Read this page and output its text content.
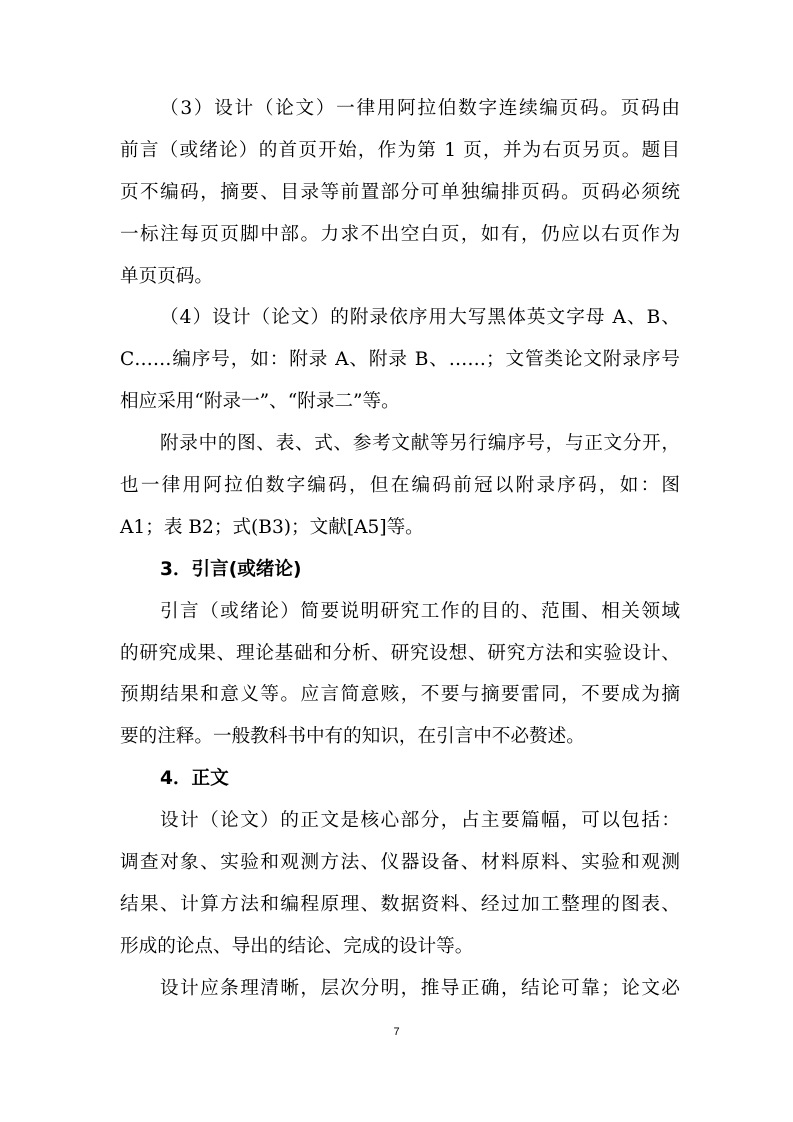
（3）设计（论文）一律用阿拉伯数字连续编页码。页码由
前言（或绪论）的首页开始，作为第 1 页，并为右页另页。题目
页不编码，摘要、目录等前置部分可单独编排页码。页码必须统
一标注每页页脚中部。力求不出空白页，如有，仍应以右页作为
单页页码。
（4）设计（论文）的附录依序用大写黑体英文字母 A、B、
C……编序号，如：附录 A、附录 B、……；文管类论文附录序号
相应采用“附录一”、“附录二”等。
附录中的图、表、式、参考文献等另行编序号，与正文分开，
也一律用阿拉伯数字编码，但在编码前冠以附录序码，如：图
A1；表 B2；式(B3)；文献[A5]等。
3．引言(或绪论)
引言（或绪论）简要说明研究工作的目的、范围、相关领域
的研究成果、理论基础和分析、研究设想、研究方法和实验设计、
预期结果和意义等。应言简意赅，不要与摘要雷同，不要成为摘
要的注释。一般教科书中有的知识，在引言中不必赘述。
4．正文
设计（论文）的正文是核心部分，占主要篇幅，可以包括：
调查对象、实验和观测方法、仪器设备、材料原料、实验和观测
结果、计算方法和编程原理、数据资料、经过加工整理的图表、
形成的论点、导出的结论、完成的设计等。
设计应条理清晰，层次分明，推导正确，结论可靠；论文必
7
